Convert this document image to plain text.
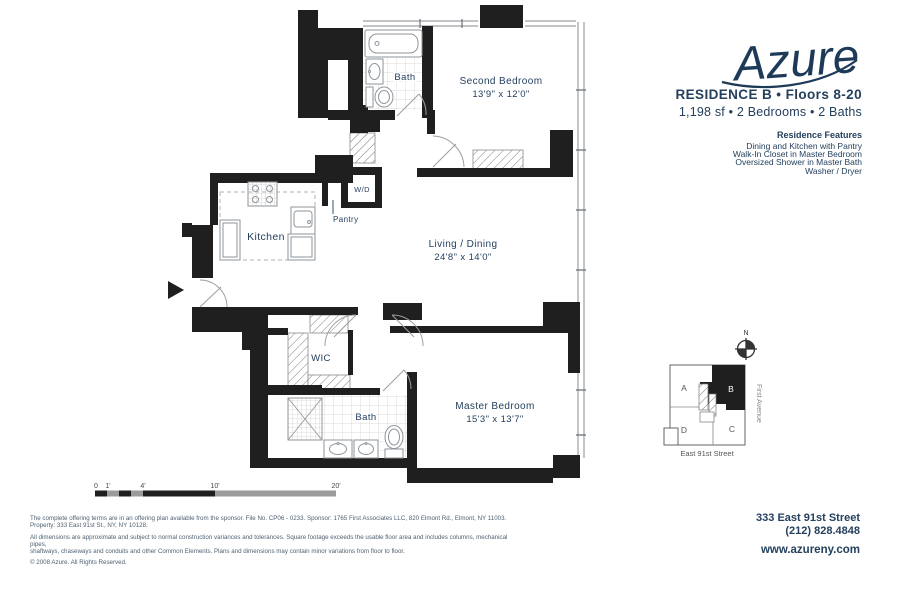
Bath	Second Bedroom
13'9" x 12'0"
W/D
Pantry
Kitchen
Living / Dining
24'8" x 14'0"
WIC
Bath
Master Bedroom
15'3" x 13'7"
0 1'	4'	10'	20'
N
A	B
C
D
First Avenue
East 91st Street
Azure
RESIDENCE B • Floors 8-20
1,198 sf • 2 Bedrooms • 2 Baths
Residence Features
Dining and Kitchen with Pantry
Walk-In Closet in Master Bedroom
Oversized Shower in Master Bath
Washer / Dryer

The complete offering terms are in an offering plan available from the sponsor. File No. CP06 - 0233. Sponsor: 1765 First Associates LLC, 820 Elmont Rd., Elmont, NY 11003.
Property: 333 East 91st St., NY, NY 10128.

All dimensions are approximate and subject to normal construction variances and tolerances. Square footage exceeds the usable floor area and includes columns, mechanical pipes,
shaftways, chaseways and conduits and other Common Elements. Plans and dimensions may contain minor variations from floor to floor.

© 2008 Azure. All Rights Reserved.

333 East 91st Street
(212) 828.4848
www.azureny.com
